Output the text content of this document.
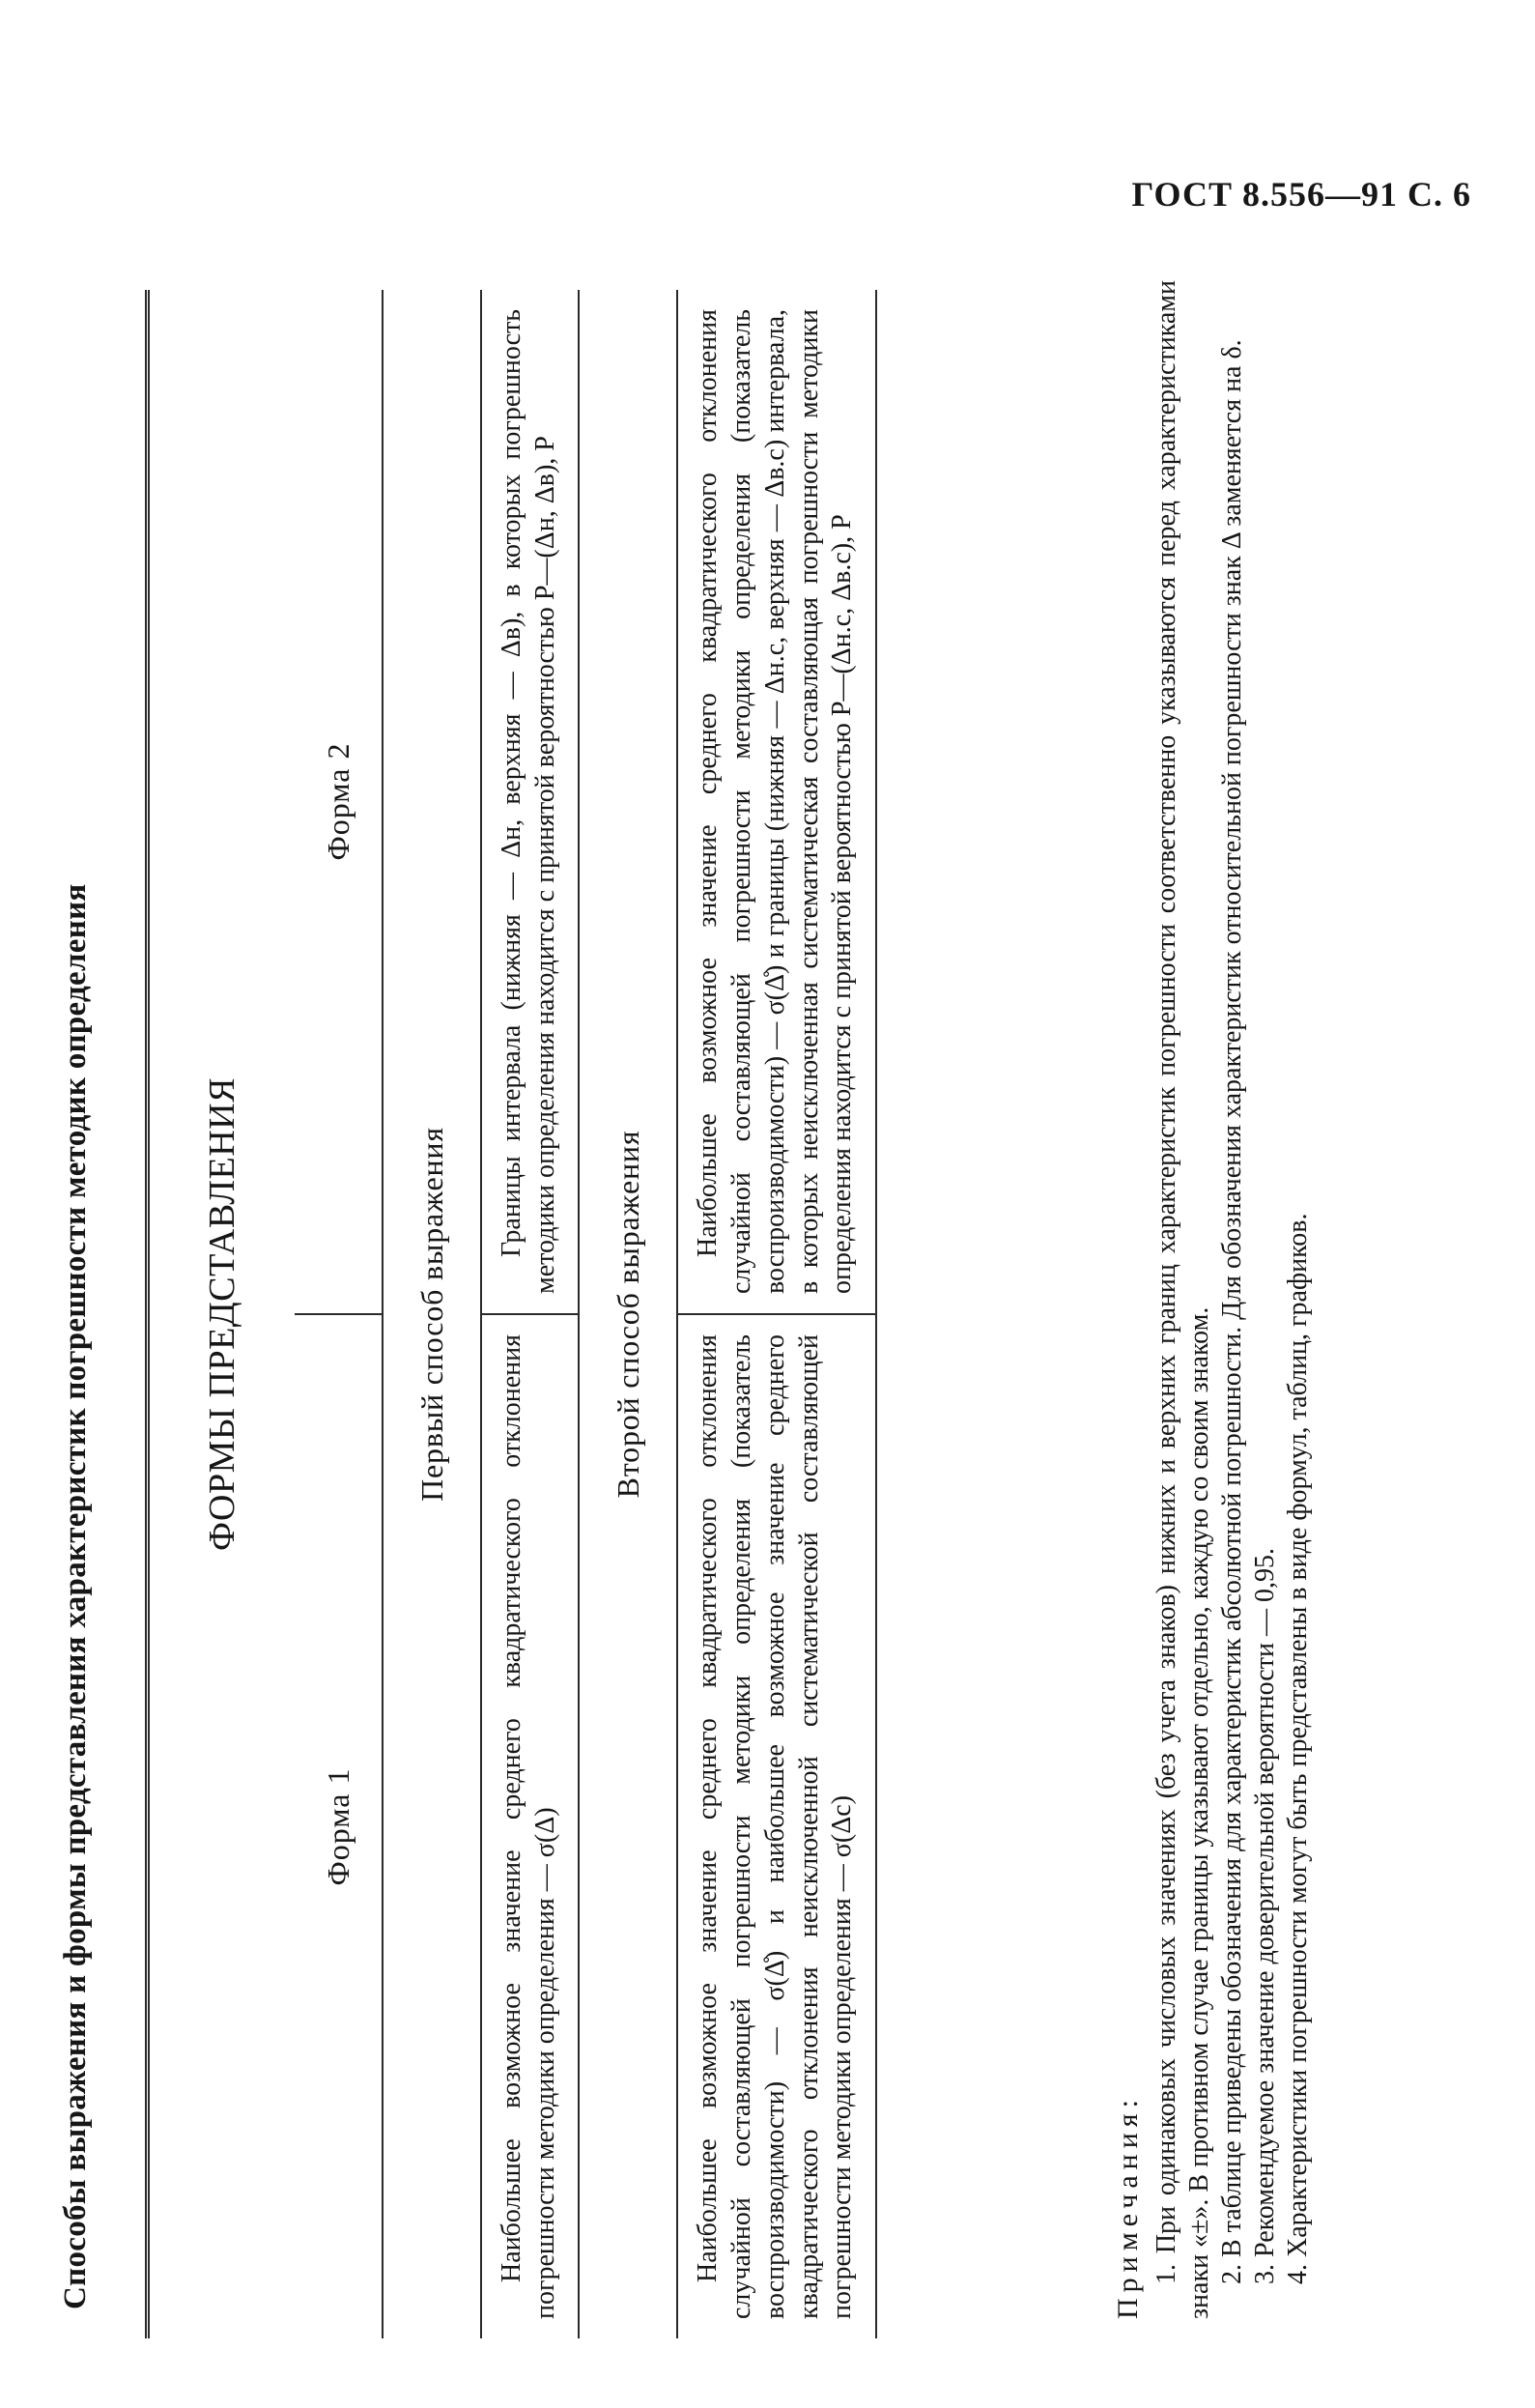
ГОСТ 8.556—91 С. 6
Способы выражения и формы представления характеристик погрешности методик определения	ФОРМЫ ПРЕДСТАВЛЕНИЯ
Форма 1
Форма 2
Первый способ выражения
Наибольшее возможное значение среднего квадратического отклонения погрешности методики определения — σ(Δ)
Границы интервала (нижняя — Δн, верхняя — Δв), в которых погрешность методики определения находится с принятой вероятностью P—(Δн, Δв), P
Второй способ выражения
Наибольшее возможное значение среднего квадратического отклонения случайной составляющей погрешности методики определения (показатель воспроизводимости) — σ(Δ̊) и наибольшее возможное значение среднего квадратического отклонения неисключенной систематической составляющей погрешности методики определения — σ(Δс)
Наибольшее возможное значение среднего квадратического отклонения случайной составляющей погрешности методики определения (показатель воспроизводимости) — σ(Δ̊) и границы (нижняя — Δн.с, верхняя — Δв.с) интервала, в которых неисключенная систематическая составляющая погрешности методики определения находится с принятой вероятностью P—(Δн.с, Δв.с), P
Примечания: 1. При одинаковых числовых значениях (без учета знаков) нижних и верхних границ характеристик погрешности соответственно указываются перед характеристиками знаки «±». В противном случае границы указывают отдельно, каждую со своим знаком. 2. В таблице приведены обозначения для характеристик абсолютной погрешности. Для обозначения характеристик относительной погрешности знак Δ заменяется на δ. 3. Рекомендуемое значение доверительной вероятности — 0,95. 4. Характеристики погрешности могут быть представлены в виде формул, таблиц, графиков.
